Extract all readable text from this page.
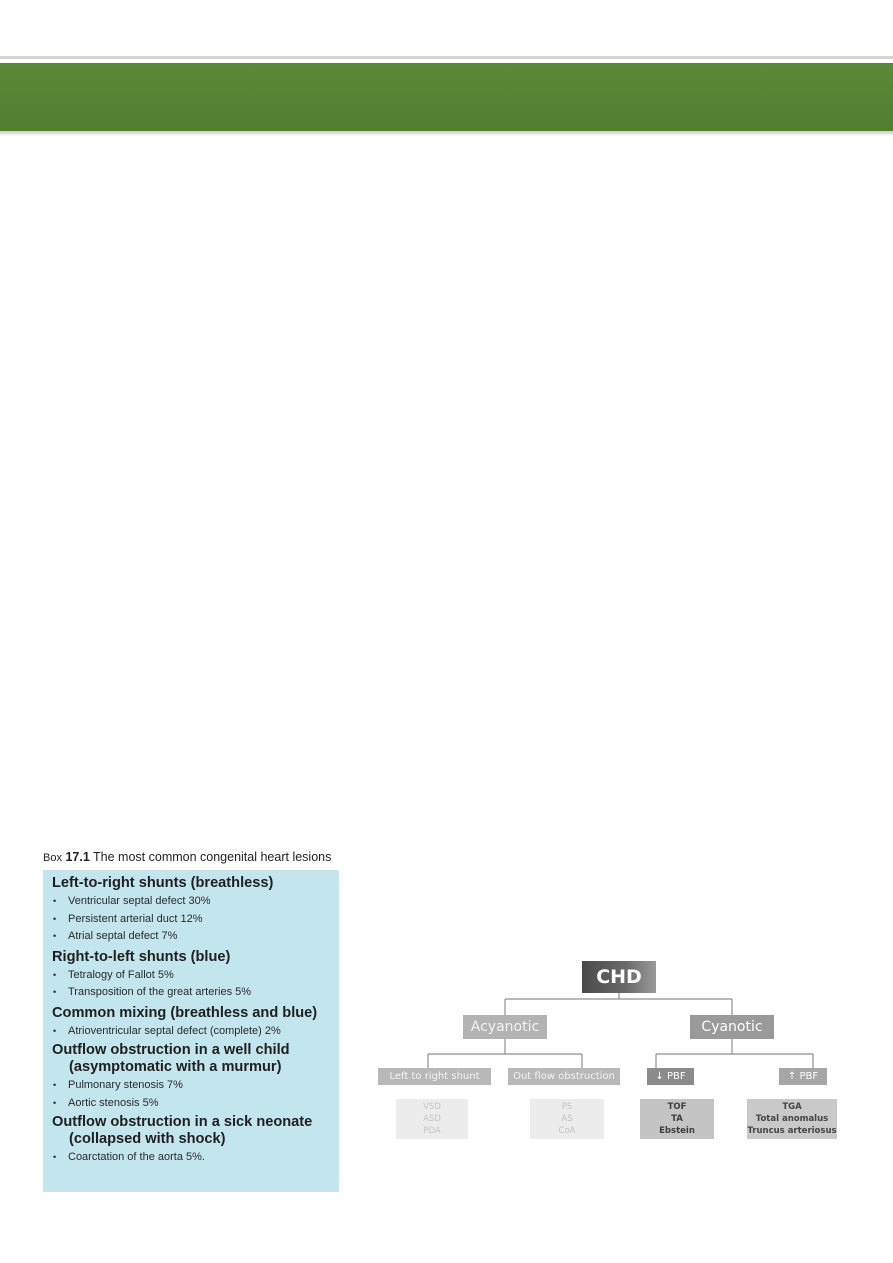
Box 17.1 The most common congenital heart lesions
Left-to-right shunts (breathless)
• Ventricular septal defect 30%
• Persistent arterial duct 12%
• Atrial septal defect 7%
Right-to-left shunts (blue)
• Tetralogy of Fallot 5%
• Transposition of the great arteries 5%
Common mixing (breathless and blue)
• Atrioventricular septal defect (complete) 2%
Outflow obstruction in a well child (asymptomatic with a murmur)
• Pulmonary stenosis 7%
• Aortic stenosis 5%
Outflow obstruction in a sick neonate (collapsed with shock)
• Coarctation of the aorta 5%.
CHD
Acyanotic	Cyanotic
Left to right shunt	Out flow obstruction	↓ PBF	↑ PBF
VSD
ASD
PDA
PS
AS
CoA
TOF
TA
Ebstein
TGA
Total anomalus
Truncus arteriosus
